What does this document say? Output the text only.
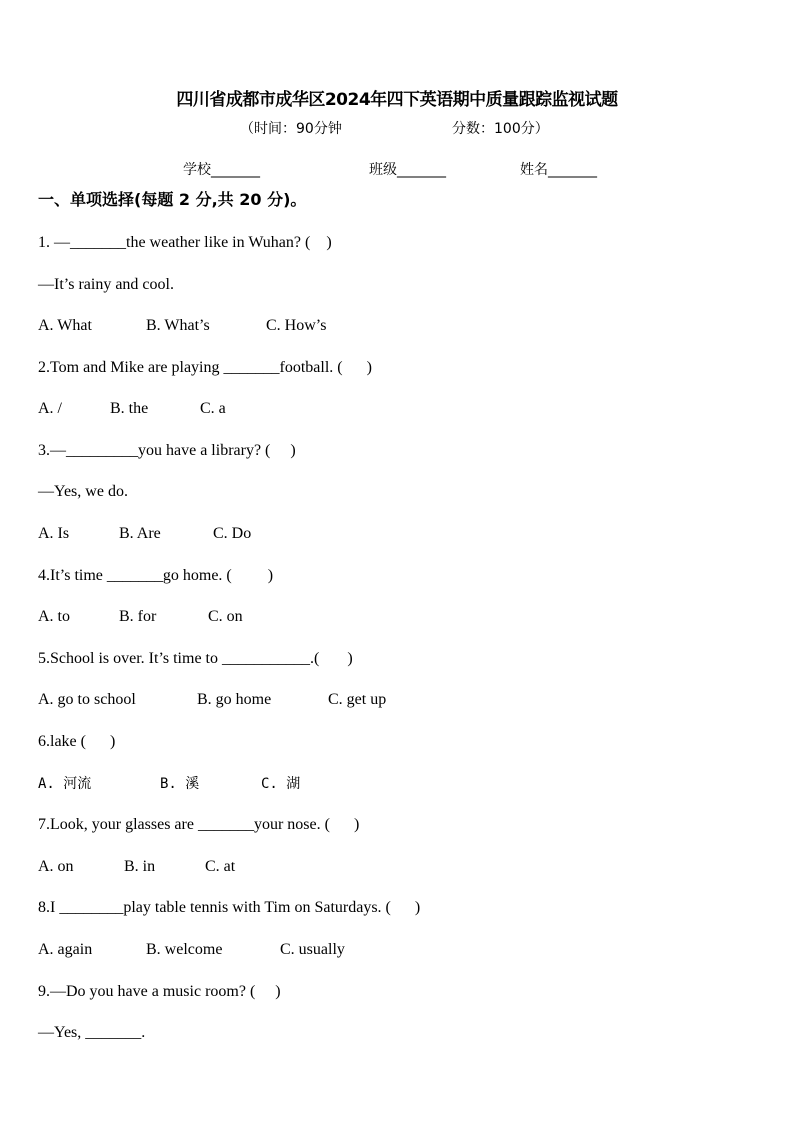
四川省成都市成华区2024年四下英语期中质量跟踪监视试题
（时间：90分钟	分数：100分）
学校_______	班级_______	姓名_______
一、单项选择(每题 2 分,共 20 分)。
1. —_______the weather like in Wuhan? (    )
—It’s rainy and cool.
A. What	B. What’s	C. How’s
2.Tom and Mike are playing _______football. (      )
A. /	B. the	C. a
3.—_________you have a library? (     )
—Yes, we do.
A. Is	B. Are	C. Do
4.It’s time _______go home. (         )
A. to	B. for	C. on
5.School is over. It’s time to ___________.(       )
A. go to school	B. go home	C. get up
6.lake (      )
A. 河流	B. 溪	C. 湖
7.Look, your glasses are _______your nose. (      )
A. on	B. in	C. at
8.I ________play table tennis with Tim on Saturdays. (      )
A. again	B. welcome	C. usually
9.—Do you have a music room? (     )
—Yes, _______.
